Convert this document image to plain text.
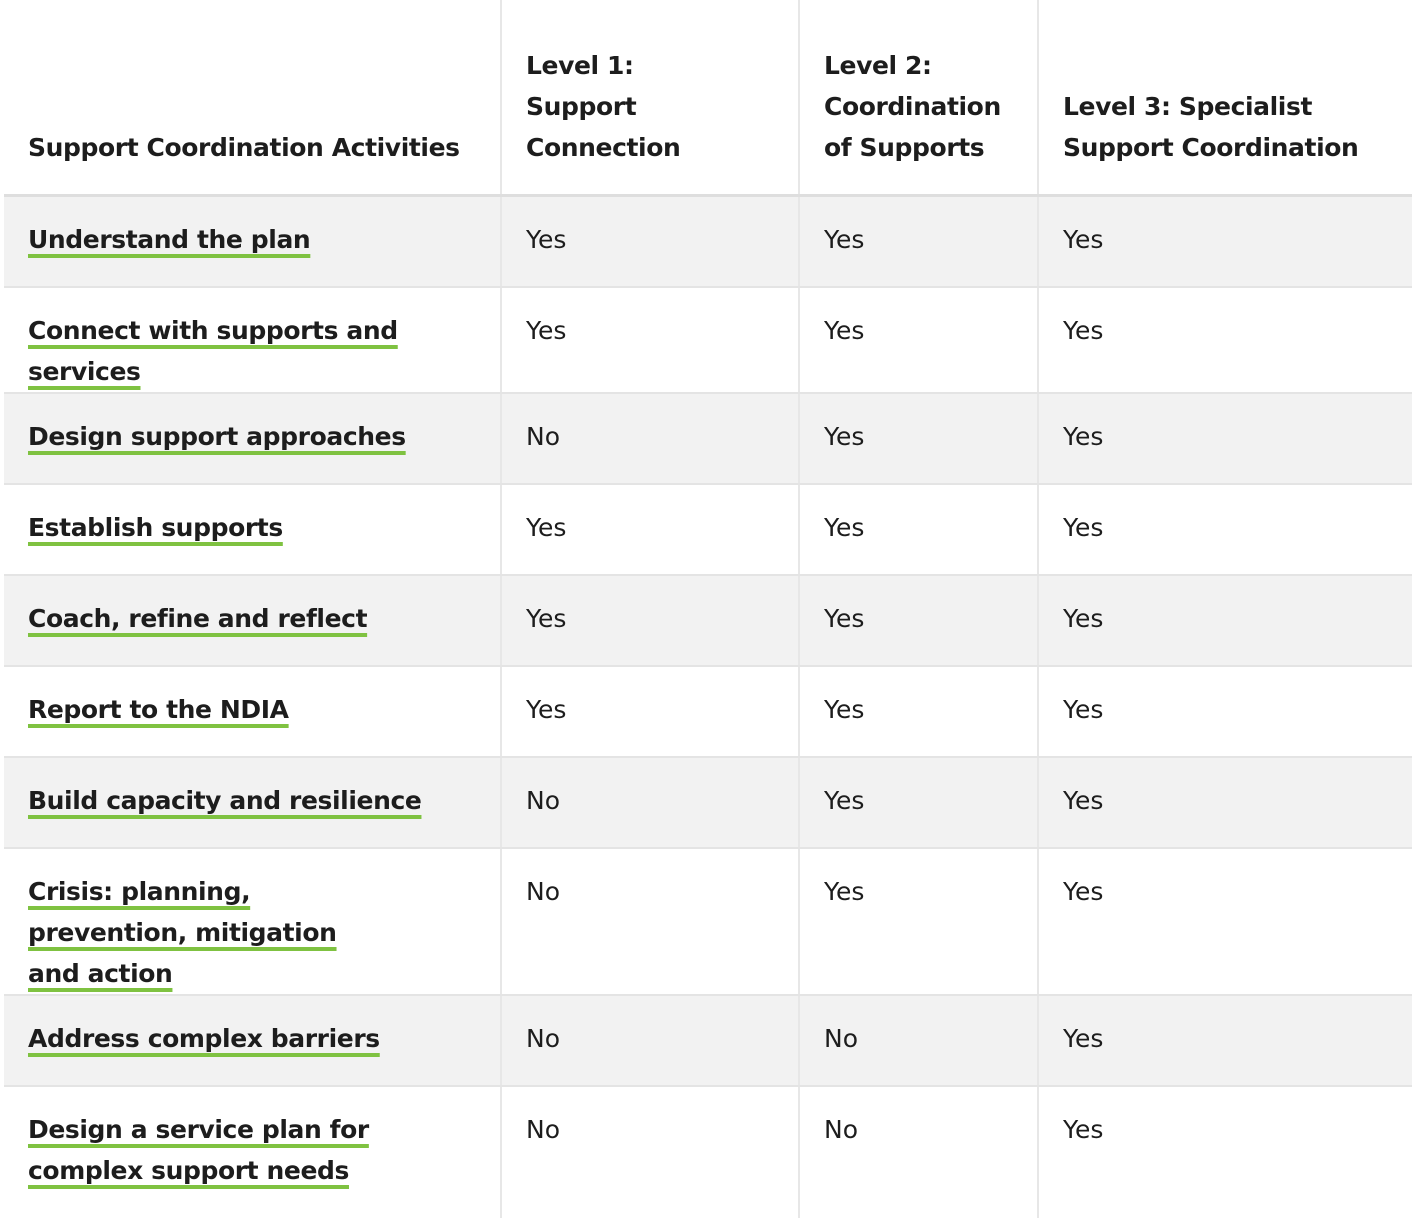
Support Coordination Activities	Level 1: Support Connection	Level 2: Coordination of Supports	Level 3: Specialist Support Coordination
Understand the plan	Yes	Yes	Yes
Connect with supports and services	Yes	Yes	Yes
Design support approaches	No	Yes	Yes
Establish supports	Yes	Yes	Yes
Coach, refine and reflect	Yes	Yes	Yes
Report to the NDIA	Yes	Yes	Yes
Build capacity and resilience	No	Yes	Yes
Crisis: planning, prevention, mitigation and action	No	Yes	Yes
Address complex barriers	No	No	Yes
Design a service plan for complex support needs	No	No	Yes
